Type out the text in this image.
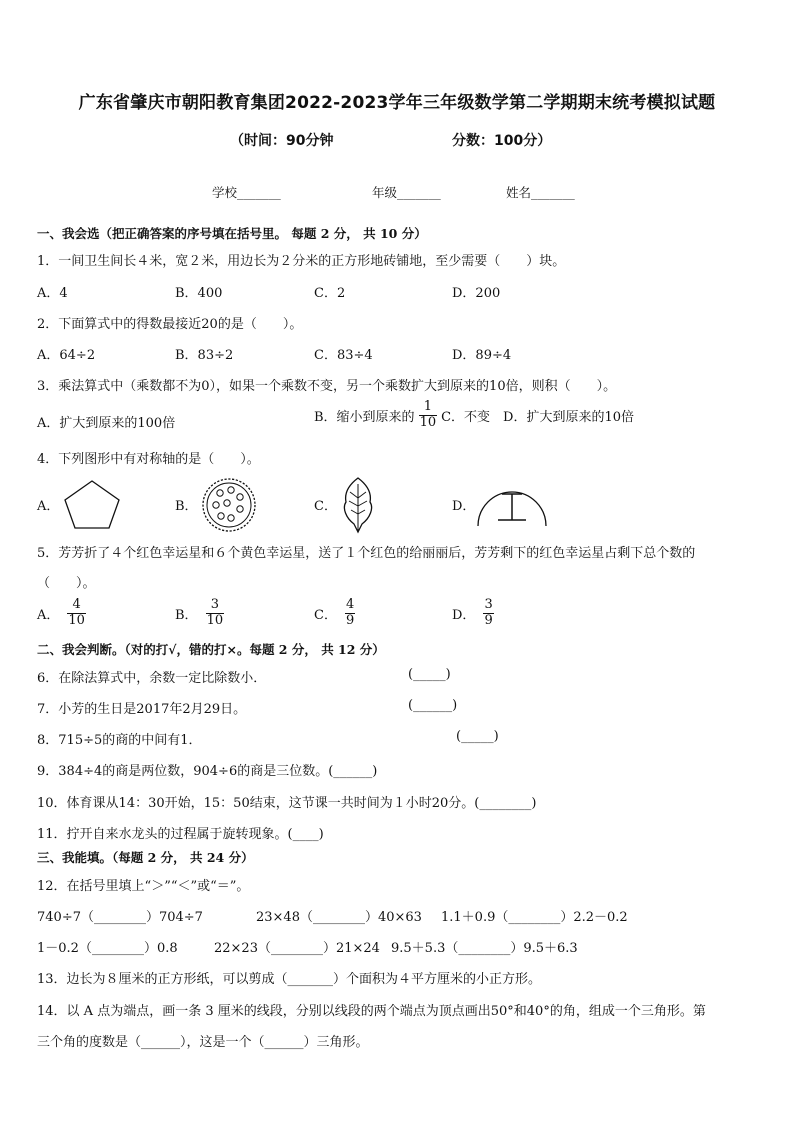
广东省肇庆市朝阳教育集团2022-2023学年三年级数学第二学期期末统考模拟试题
（时间：90分钟	分数：100分）
学校_______	年级_______	姓名_______
一、我会选（把正确答案的序号填在括号里。 每题 2 分， 共 10 分）
1．一间卫生间长４米，宽２米，用边长为２分米的正方形地砖铺地，至少需要（　　）块。
A．4	B．400	C．2	D．200
2．下面算式中的得数最接近20的是（　　）。
A．64÷2	B．83÷2	C．83÷4	D．89÷4
3．乘法算式中（乘数都不为0），如果一个乘数不变，另一个乘数扩大到原来的10倍，则积（　　）。
A．扩大到原来的100倍	B．缩小到原来的 $\frac{1}{10}$ C．不变　D．扩大到原来的10倍
4．下列图形中有对称轴的是（　　）。
A．	B．	C．	D．
5．芳芳折了４个红色幸运星和６个黄色幸运星，送了１个红色的给丽丽后，芳芳剩下的红色幸运星占剩下总个数的
（　　）。
A． $\frac{4}{10}$	B． $\frac{3}{10}$	C． $\frac{4}{9}$	D． $\frac{3}{9}$
二、我会判断。（对的打√，错的打×。每题 2 分， 共 12 分）
6．在除法算式中，余数一定比除数小．	(_____)
7．小芳的生日是2017年2月29日。	(______)
8．715÷5的商的中间有1．	(_____)
9．384÷4的商是两位数，904÷6的商是三位数。(______)
10．体育课从14：30开始，15：50结束，这节课一共时间为１小时20分。(________)
11．拧开自来水龙头的过程属于旋转现象。(____)
三、我能填。（每题 2 分， 共 24 分）
12．在括号里填上“＞”“＜”或“＝”。
740÷7（________）704÷7	23×48（________）40×63 1.1＋0.9（________）2.2－0.2
1－0.2（________）0.8	22×23（________）21×24 9.5＋5.3（________）9.5＋6.3
13．边长为８厘米的正方形纸，可以剪成（_______）个面积为４平方厘米的小正方形。
14．以 A 点为端点，画一条 3 厘米的线段，分别以线段的两个端点为顶点画出50°和40°的角，组成一个三角形。第
三个角的度数是（______），这是一个（______）三角形。
